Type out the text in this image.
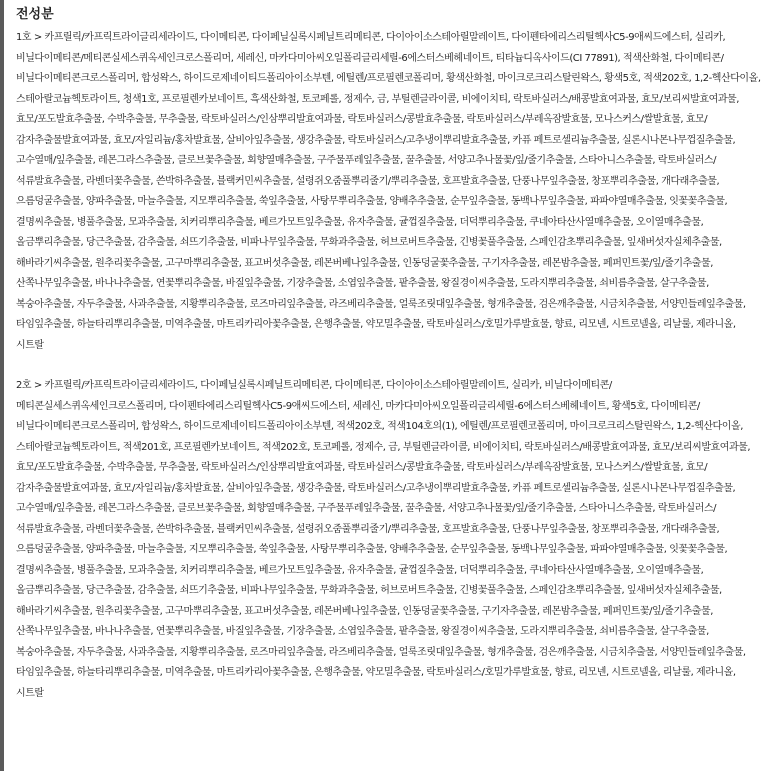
전성분

1호 > 카프릴릭/카프릭트라이글리세라이드, 다이메티콘, 다이페닐실록시페닐트리메티콘, 다이아이소스테아릴말레이트, 다이펜타에리스리틸헥사C5-9애씨드에스터, 실리카, 비닐다이메티콘/메티콘실세스퀴옥세인크로스폴리머, 세레신, 마카다미아씨오일폴리글리세릴-6에스터스베헤네이트, 티타늄디옥사이드(CI 77891), 적색산화철, 다이메티콘/비닐다이메티콘크로스폴리머, 합성왁스, 하이드로제네이티드폴리아이소부텐, 에틸렌/프로필렌코폴리머, 황색산화철, 마이크로크리스탈린왁스, 황색5호, 적색202호, 1,2-헥산다이올, 스테아랄코늄헥토라이트, 청색1호, 프로필렌카보네이트, 흑색산화철, 토코페롤, 정제수, 금, 부틸렌글라이콜, 비에이치티, 락토바실러스/배콩발효여과물, 효모/보리씨발효여과물, 효모/포도발효추출물, 수박추출물, 무추출물, 락토바실러스/인삼뿌리발효여과물, 락토바실러스/콩발효추출물, 락토바실러스/부레옥잠발효물, 모나스커스/쌀발효물, 효모/감자추출물발효여과물, 효모/자일리늄/홍차발효물, 살비아잎추출물, 생강추출물, 락토바실러스/고추냉이뿌리발효추출물, 카퓨 페트로셀리늄추출물, 실론시나몬나무껍질추출물, 고수열매/잎추출물, 레몬그라스추출물, 클로브꽃추출물, 회향열매추출물, 구주물푸레잎추출물, 꿀추출물, 서양고추나물꽃/잎/줄기추출물, 스타아니스추출물, 락토바실러스/석류발효추출물, 라벤더꽃추출물, 쓴박하추출물, 블랙커민씨추출물, 설령쥐오줌풀뿌리줄기/뿌리추출물, 호프발효추출물, 단풍나무잎추출물, 창포뿌리추출물, 개다래추출물, 으름덩굴추출물, 양파추출물, 마늘추출물, 지모뿌리추출물, 쑥잎추출물, 사탕무뿌리추출물, 양배추추출물, 순무잎추출물, 동백나무잎추출물, 파파야열매추출물, 잇꽃꽃추출물, 결명씨추출물, 병풀추출물, 모과추출물, 치커리뿌리추출물, 베르가모트잎추출물, 유자추출물, 귤껍질추출물, 더덕뿌리추출물, 쿠네아타산사열매추출물, 오이열매추출물, 올금뿌리추출물, 당근추출물, 감추출물, 쇠뜨기추출물, 비파나무잎추출물, 무화과추출물, 허브로버트추출물, 긴병꽃풀추출물, 스페인감초뿌리추출물, 잎새버섯자실체추출물, 해바라기씨추출물, 원추리꽃추출물, 고구마뿌리추출물, 표고버섯추출물, 레몬버베나잎추출물, 인동덩굴꽃추출물, 구기자추출물, 레몬밤추출물, 페퍼민트꽃/잎/줄기추출물, 산쪽나무잎추출물, 바나나추출물, 연꽃뿌리추출물, 바질잎추출물, 기장추출물, 소엽잎추출물, 팥추출물, 왕질경이씨추출물, 도라지뿌리추출물, 쇠비름추출물, 살구추출물, 복숭아추출물, 자두추출물, 사과추출물, 지황뿌리추출물, 로즈마리잎추출물, 라즈베리추출물, 얼룩조릿대잎추출물, 형개추출물, 검은깨추출물, 시금치추출물, 서양민들레잎추출물, 타임잎추출물, 하늘타리뿌리추출물, 미역추출물, 마트리카리아꽃추출물, 은행추출물, 약모밀추출물, 락토바실러스/호밀가루발효물, 향료, 리모넨, 시트로넬올, 리날룰, 제라니올, 시트랄

2호 > 카프릴릭/카프릭트라이글리세라이드, 다이페닐실록시페닐트리메티콘, 다이메티콘, 다이아이소스테아릴말레이트, 실리카, 비닐다이메티콘/메티콘실세스퀴옥세인크로스폴리머, 다이펜타에리스리틸헥사C5-9애씨드에스터, 세레신, 마카다미아씨오일폴리글리세릴-6에스터스베헤네이트, 황색5호, 다이메티콘/비닐다이메티콘크로스폴리머, 합성왁스, 하이드로제네이티드폴리아이소부텐, 적색202호, 적색104호의(1), 에틸렌/프로필렌코폴리머, 마이크로크리스탈린왁스, 1,2-헥산다이올, 스테아랄코늄헥토라이트, 적색201호, 프로필렌카보네이트, 적색202호, 토코페롤, 정제수, 금, 부틸렌글라이콜, 비에이치티, 락토바실러스/배콩발효여과물, 효모/보리씨발효여과물, 효모/포도발효추출물, 수박추출물, 무추출물, 락토바실러스/인삼뿌리발효여과물, 락토바실러스/콩발효추출물, 락토바실러스/부레옥잠발효물, 모나스커스/쌀발효물, 효모/감자추출물발효여과물, 효모/자일리늄/홍차발효물, 살비아잎추출물, 생강추출물, 락토바실러스/고추냉이뿌리발효추출물, 카퓨 페트로셀리늄추출물, 실론시나몬나무껍질추출물, 고수열매/잎추출물, 레몬그라스추출물, 클로브꽃추출물, 회향열매추출물, 구주물푸레잎추출물, 꿀추출물, 서양고추나물꽃/잎/줄기추출물, 스타아니스추출물, 락토바실러스/석류발효추출물, 라벤더꽃추출물, 쓴박하추출물, 블랙커민씨추출물, 설령쥐오줌풀뿌리줄기/뿌리추출물, 호프발효추출물, 단풍나무잎추출물, 창포뿌리추출물, 개다래추출물, 으름덩굴추출물, 양파추출물, 마늘추출물, 지모뿌리추출물, 쑥잎추출물, 사탕무뿌리추출물, 양배추추출물, 순무잎추출물, 동백나무잎추출물, 파파야열매추출물, 잇꽃꽃추출물, 결명씨추출물, 병풀추출물, 모과추출물, 치커리뿌리추출물, 베르가모트잎추출물, 유자추출물, 귤껍질추출물, 더덕뿌리추출물, 쿠네아타산사열매추출물, 오이열매추출물, 올금뿌리추출물, 당근추출물, 감추출물, 쇠뜨기추출물, 비파나무잎추출물, 무화과추출물, 허브로버트추출물, 긴병꽃풀추출물, 스페인감초뿌리추출물, 잎새버섯자실체추출물, 해바라기씨추출물, 원추리꽃추출물, 고구마뿌리추출물, 표고버섯추출물, 레몬버베나잎추출물, 인동덩굴꽃추출물, 구기자추출물, 레몬밤추출물, 페퍼민트꽃/잎/줄기추출물, 산쪽나무잎추출물, 바나나추출물, 연꽃뿌리추출물, 바질잎추출물, 기장추출물, 소엽잎추출물, 팥추출물, 왕질경이씨추출물, 도라지뿌리추출물, 쇠비름추출물, 살구추출물, 복숭아추출물, 자두추출물, 사과추출물, 지황뿌리추출물, 로즈마리잎추출물, 라즈베리추출물, 얼룩조릿대잎추출물, 형개추출물, 검은깨추출물, 시금치추출물, 서양민들레잎추출물, 타임잎추출물, 하늘타리뿌리추출물, 미역추출물, 마트리카리아꽃추출물, 은행추출물, 약모밀추출물, 락토바실러스/호밀가루발효물, 향료, 리모넨, 시트로넬올, 리날룰, 제라니올, 시트랄
